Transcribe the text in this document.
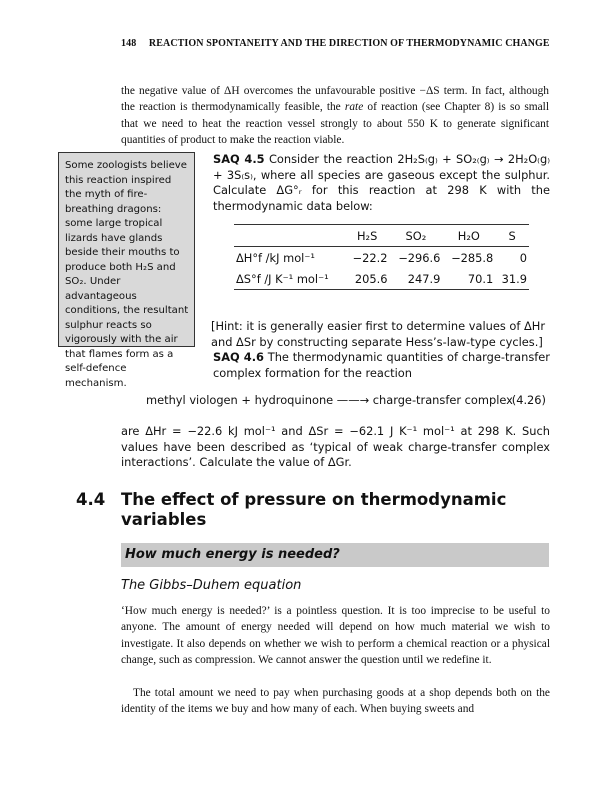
148 REACTION SPONTANEITY AND THE DIRECTION OF THERMODYNAMIC CHANGE
the negative value of ΔH overcomes the unfavourable positive −ΔS term. In fact, although the reaction is thermodynamically feasible, the rate of reaction (see Chapter 8) is so small that we need to heat the reaction vessel strongly to about 550 K to generate significant quantities of product to make the reaction viable.
Some zoologists believe this reaction inspired the myth of fire-breathing dragons: some large tropical lizards have glands beside their mouths to produce both H₂S and SO₂. Under advantageous conditions, the resultant sulphur reacts so vigorously with the air that flames form as a self-defence mechanism.
SAQ 4.5 Consider the reaction 2H₂S₍g₎ + SO₂₍g₎ → 2H₂O₍g₎ + 3S₍s₎, where all species are gaseous except the sulphur. Calculate ΔG°ᵣ for this reaction at 298 K with the thermodynamic data below:
	H₂S	SO₂	H₂O	S
ΔH°f /kJ mol⁻¹	−22.2	−296.6	−285.8	0
ΔS°f /J K⁻¹ mol⁻¹	205.6	247.9	70.1	31.9
[Hint: it is generally easier first to determine values of ΔHr and ΔSr by constructing separate Hess’s-law-type cycles.]
SAQ 4.6 The thermodynamic quantities of charge-transfer complex formation for the reaction
methyl viologen + hydroquinone ——→ charge-transfer complex
(4.26)
are ΔHr = −22.6 kJ mol⁻¹ and ΔSr = −62.1 J K⁻¹ mol⁻¹ at 298 K. Such values have been described as ‘typical of weak charge-transfer complex interactions’. Calculate the value of ΔGr.
4.4 The effect of pressure on thermodynamic variables
How much energy is needed?
The Gibbs–Duhem equation
‘How much energy is needed?’ is a pointless question. It is too imprecise to be useful to anyone. The amount of energy needed will depend on how much material we wish to investigate. It also depends on whether we wish to perform a chemical reaction or a physical change, such as compression. We cannot answer the question until we redefine it.
The total amount we need to pay when purchasing goods at a shop depends both on the identity of the items we buy and how many of each. When buying sweets and
